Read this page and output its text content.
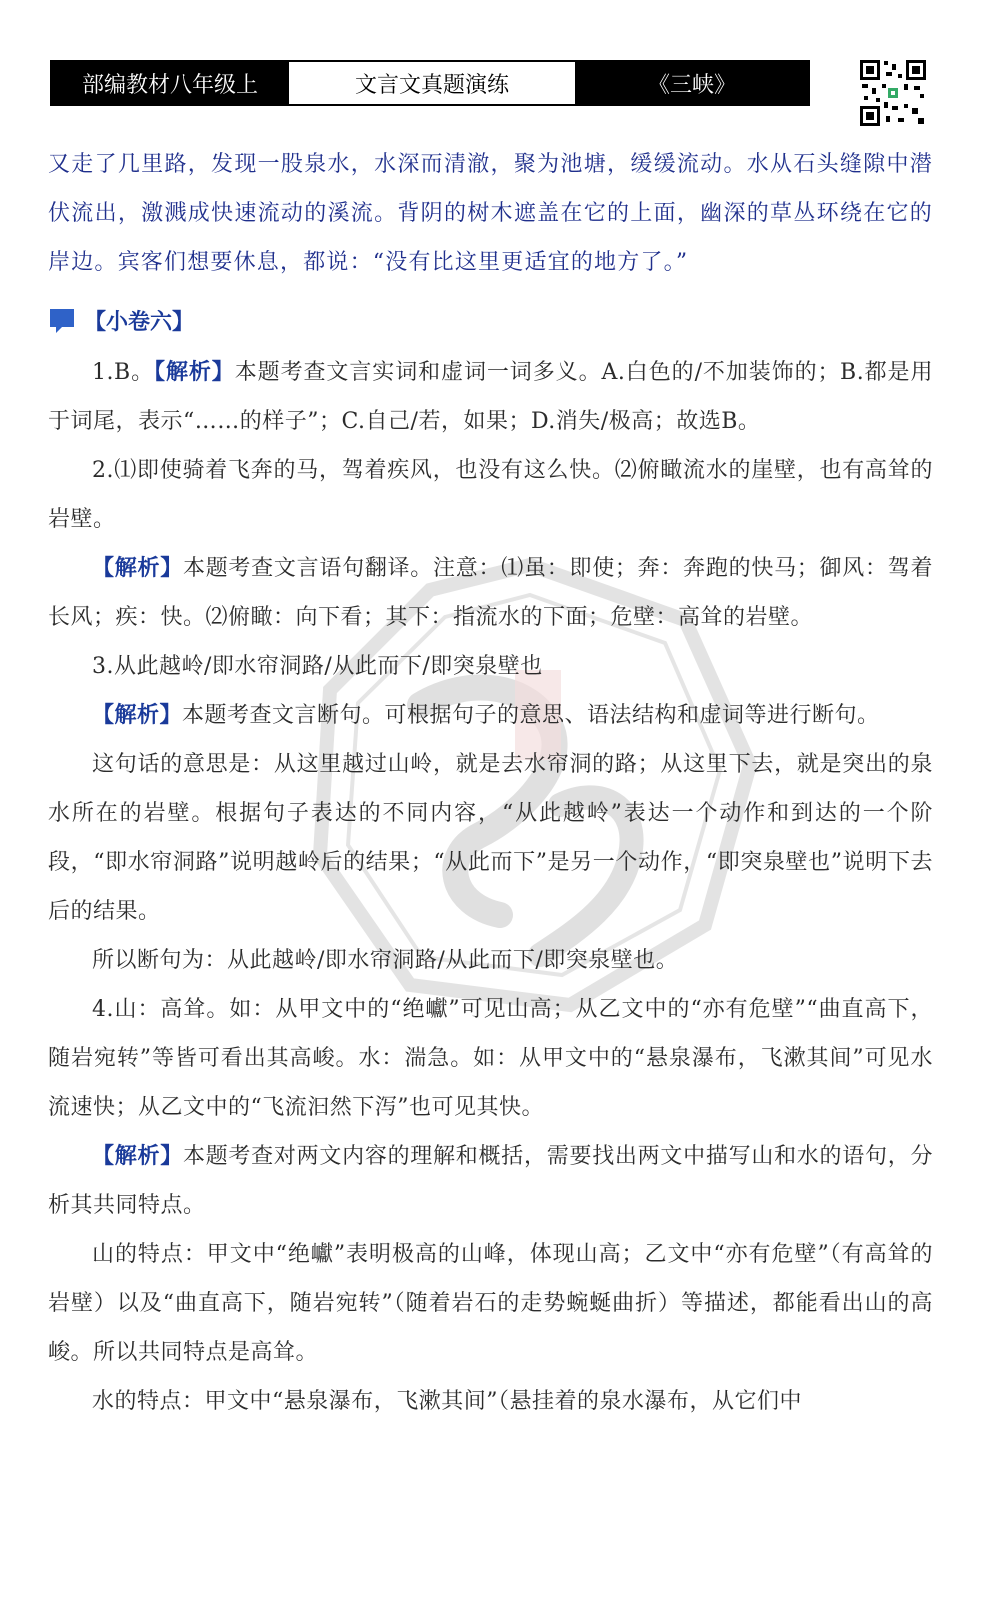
部编教材八年级上	文言文真题演练	《三峡》
又走了几里路，发现一股泉水，水深而清澈，聚为池塘，缓缓流动。水从石头缝隙中潜伏流出，激溅成快速流动的溪流。背阴的树木遮盖在它的上面，幽深的草丛环绕在它的岸边。宾客们想要休息，都说：“没有比这里更适宜的地方了。”
【小卷六】

1.B。【解析】本题考查文言实词和虚词一词多义。A.白色的/不加装饰的；B.都是用于词尾，表示“……的样子”；C.自己/若，如果；D.消失/极高；故选B。

2.⑴即使骑着飞奔的马，驾着疾风，也没有这么快。⑵俯瞰流水的崖壁，也有高耸的岩壁。

【解析】本题考查文言语句翻译。注意：⑴虽：即使；奔：奔跑的快马；御风：驾着长风；疾：快。⑵俯瞰：向下看；其下：指流水的下面；危壁：高耸的岩壁。

3.从此越岭/即水帘洞路/从此而下/即突泉壁也

【解析】本题考查文言断句。可根据句子的意思、语法结构和虚词等进行断句。

这句话的意思是：从这里越过山岭，就是去水帘洞的路；从这里下去，就是突出的泉水所在的岩壁。根据句子表达的不同内容，“从此越岭”表达一个动作和到达的一个阶段，“即水帘洞路”说明越岭后的结果；“从此而下”是另一个动作，“即突泉壁也”说明下去后的结果。

所以断句为：从此越岭/即水帘洞路/从此而下/即突泉壁也。

4.山：高耸。如：从甲文中的“绝巘”可见山高；从乙文中的“亦有危壁”“曲直高下，随岩宛转”等皆可看出其高峻。水：湍急。如：从甲文中的“悬泉瀑布，飞漱其间”可见水流速快；从乙文中的“飞流汩然下泻”也可见其快。

【解析】本题考查对两文内容的理解和概括，需要找出两文中描写山和水的语句，分析其共同特点。

山的特点：甲文中“绝巘”表明极高的山峰，体现山高；乙文中“亦有危壁”（有高耸的岩壁）以及“曲直高下，随岩宛转”（随着岩石的走势蜿蜒曲折）等描述，都能看出山的高峻。所以共同特点是高耸。

水的特点：甲文中“悬泉瀑布，飞漱其间”（悬挂着的泉水瀑布，从它们中
